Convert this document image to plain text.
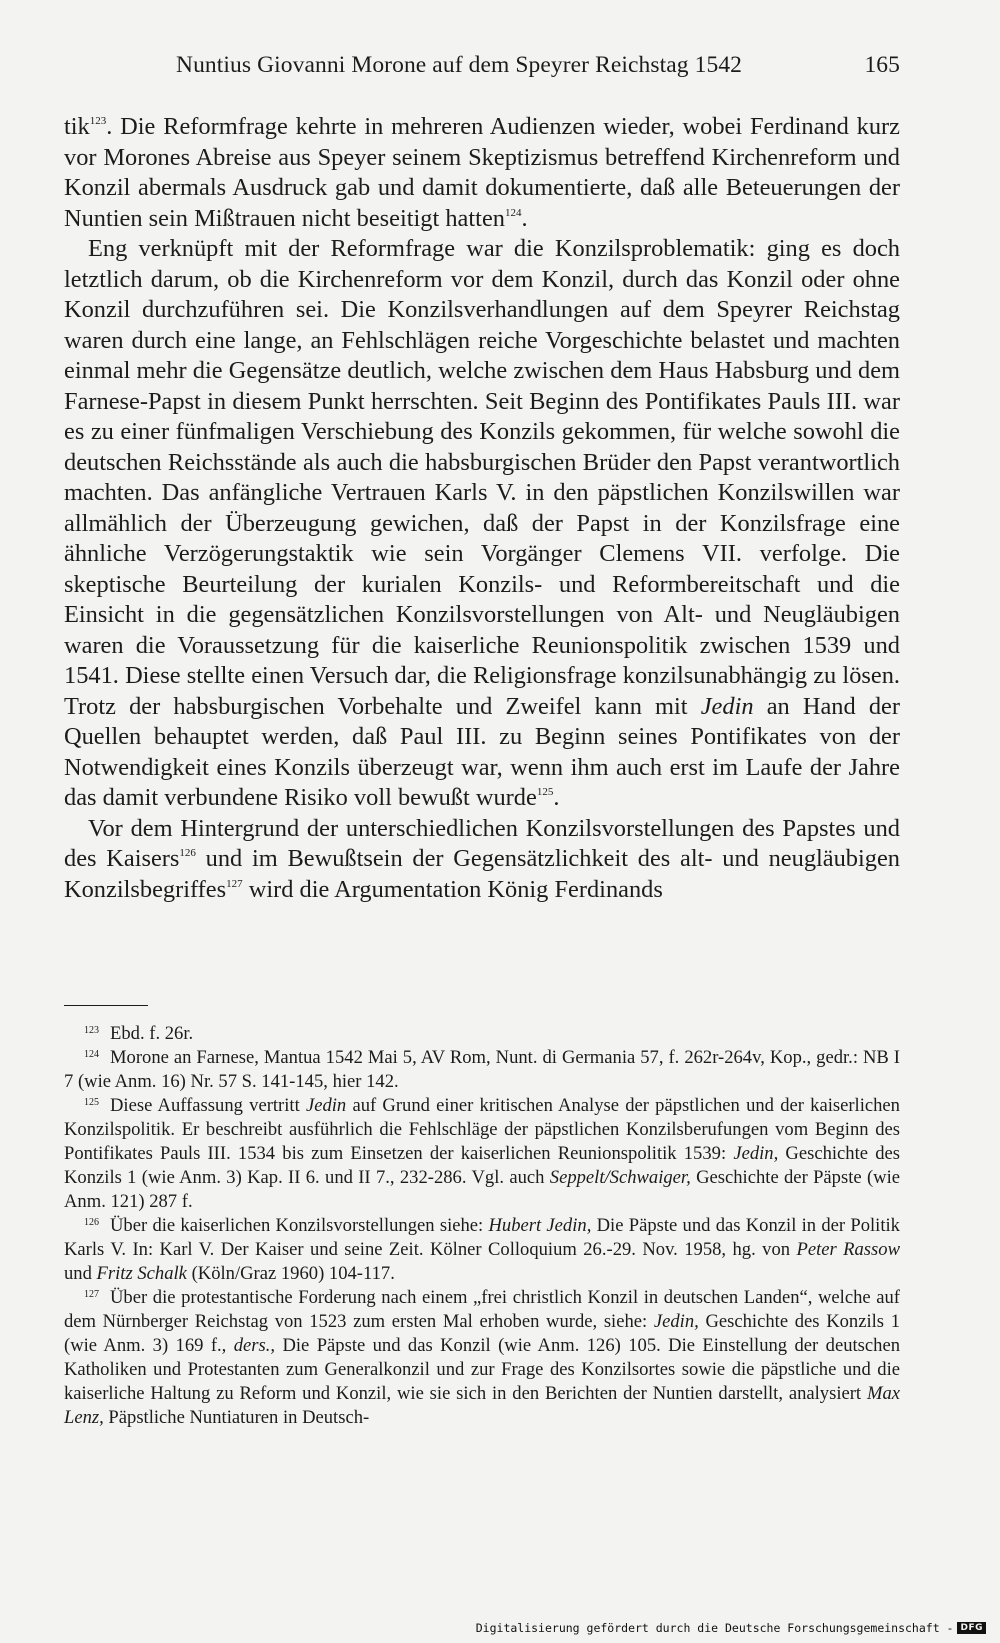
Nuntius Giovanni Morone auf dem Speyrer Reichstag 1542	165

tik$^{123}$. Die Reformfrage kehrte in mehreren Audienzen wieder, wobei Ferdinand kurz vor Morones Abreise aus Speyer seinem Skeptizismus betreffend Kirchenreform und Konzil abermals Ausdruck gab und damit dokumentierte, daß alle Beteuerungen der Nuntien sein Mißtrauen nicht beseitigt hatten$^{124}$.

Eng verknüpft mit der Reformfrage war die Konzilsproblematik: ging es doch letztlich darum, ob die Kirchenreform vor dem Konzil, durch das Konzil oder ohne Konzil durchzuführen sei. Die Konzilsverhandlungen auf dem Speyrer Reichstag waren durch eine lange, an Fehlschlägen reiche Vorgeschichte belastet und machten einmal mehr die Gegensätze deutlich, welche zwischen dem Haus Habsburg und dem Farnese-Papst in diesem Punkt herrschten. Seit Beginn des Pontifikates Pauls III. war es zu einer fünfmaligen Verschiebung des Konzils gekommen, für welche sowohl die deutschen Reichsstände als auch die habsburgischen Brüder den Papst verantwortlich machten. Das anfängliche Vertrauen Karls V. in den päpstlichen Konzilswillen war allmählich der Überzeugung gewichen, daß der Papst in der Konzilsfrage eine ähnliche Verzögerungstaktik wie sein Vorgänger Clemens VII. verfolge. Die skeptische Beurteilung der kurialen Konzils- und Reformbereitschaft und die Einsicht in die gegensätzlichen Konzilsvorstellungen von Alt- und Neugläubigen waren die Voraussetzung für die kaiserliche Reunionspolitik zwischen 1539 und 1541. Diese stellte einen Versuch dar, die Religionsfrage konzilsunabhängig zu lösen. Trotz der habsburgischen Vorbehalte und Zweifel kann mit Jedin an Hand der Quellen behauptet werden, daß Paul III. zu Beginn seines Pontifikates von der Notwendigkeit eines Konzils überzeugt war, wenn ihm auch erst im Laufe der Jahre das damit verbundene Risiko voll bewußt wurde$^{125}$.

Vor dem Hintergrund der unterschiedlichen Konzilsvorstellungen des Papstes und des Kaisers$^{126}$ und im Bewußtsein der Gegensätzlichkeit des alt- und neugläubigen Konzilsbegriffes$^{127}$ wird die Argumentation König Ferdinands

$^{123}$ Ebd. f. 26r.

$^{124}$ Morone an Farnese, Mantua 1542 Mai 5, AV Rom, Nunt. di Germania 57, f. 262r-264v, Kop., gedr.: NB I 7 (wie Anm. 16) Nr. 57 S. 141-145, hier 142.

$^{125}$ Diese Auffassung vertritt Jedin auf Grund einer kritischen Analyse der päpstlichen und der kaiserlichen Konzilspolitik. Er beschreibt ausführlich die Fehlschläge der päpstlichen Konzilsberufungen vom Beginn des Pontifikates Pauls III. 1534 bis zum Einsetzen der kaiserlichen Reunionspolitik 1539: Jedin, Geschichte des Konzils 1 (wie Anm. 3) Kap. II 6. und II 7., 232-286. Vgl. auch Seppelt/Schwaiger, Geschichte der Päpste (wie Anm. 121) 287 f.

$^{126}$ Über die kaiserlichen Konzilsvorstellungen siehe: Hubert Jedin, Die Päpste und das Konzil in der Politik Karls V. In: Karl V. Der Kaiser und seine Zeit. Kölner Colloquium 26.-29. Nov. 1958, hg. von Peter Rassow und Fritz Schalk (Köln/Graz 1960) 104-117.

$^{127}$ Über die protestantische Forderung nach einem „frei christlich Konzil in deutschen Landen“, welche auf dem Nürnberger Reichstag von 1523 zum ersten Mal erhoben wurde, siehe: Jedin, Geschichte des Konzils 1 (wie Anm. 3) 169 f., ders., Die Päpste und das Konzil (wie Anm. 126) 105. Die Einstellung der deutschen Katholiken und Protestanten zum Generalkonzil und zur Frage des Konzilsortes sowie die päpstliche und die kaiserliche Haltung zu Reform und Konzil, wie sie sich in den Berichten der Nuntien darstellt, analysiert Max Lenz, Päpstliche Nuntiaturen in Deutsch-

Digitalisierung gefördert durch die Deutsche Forschungsgemeinschaft - DFG
